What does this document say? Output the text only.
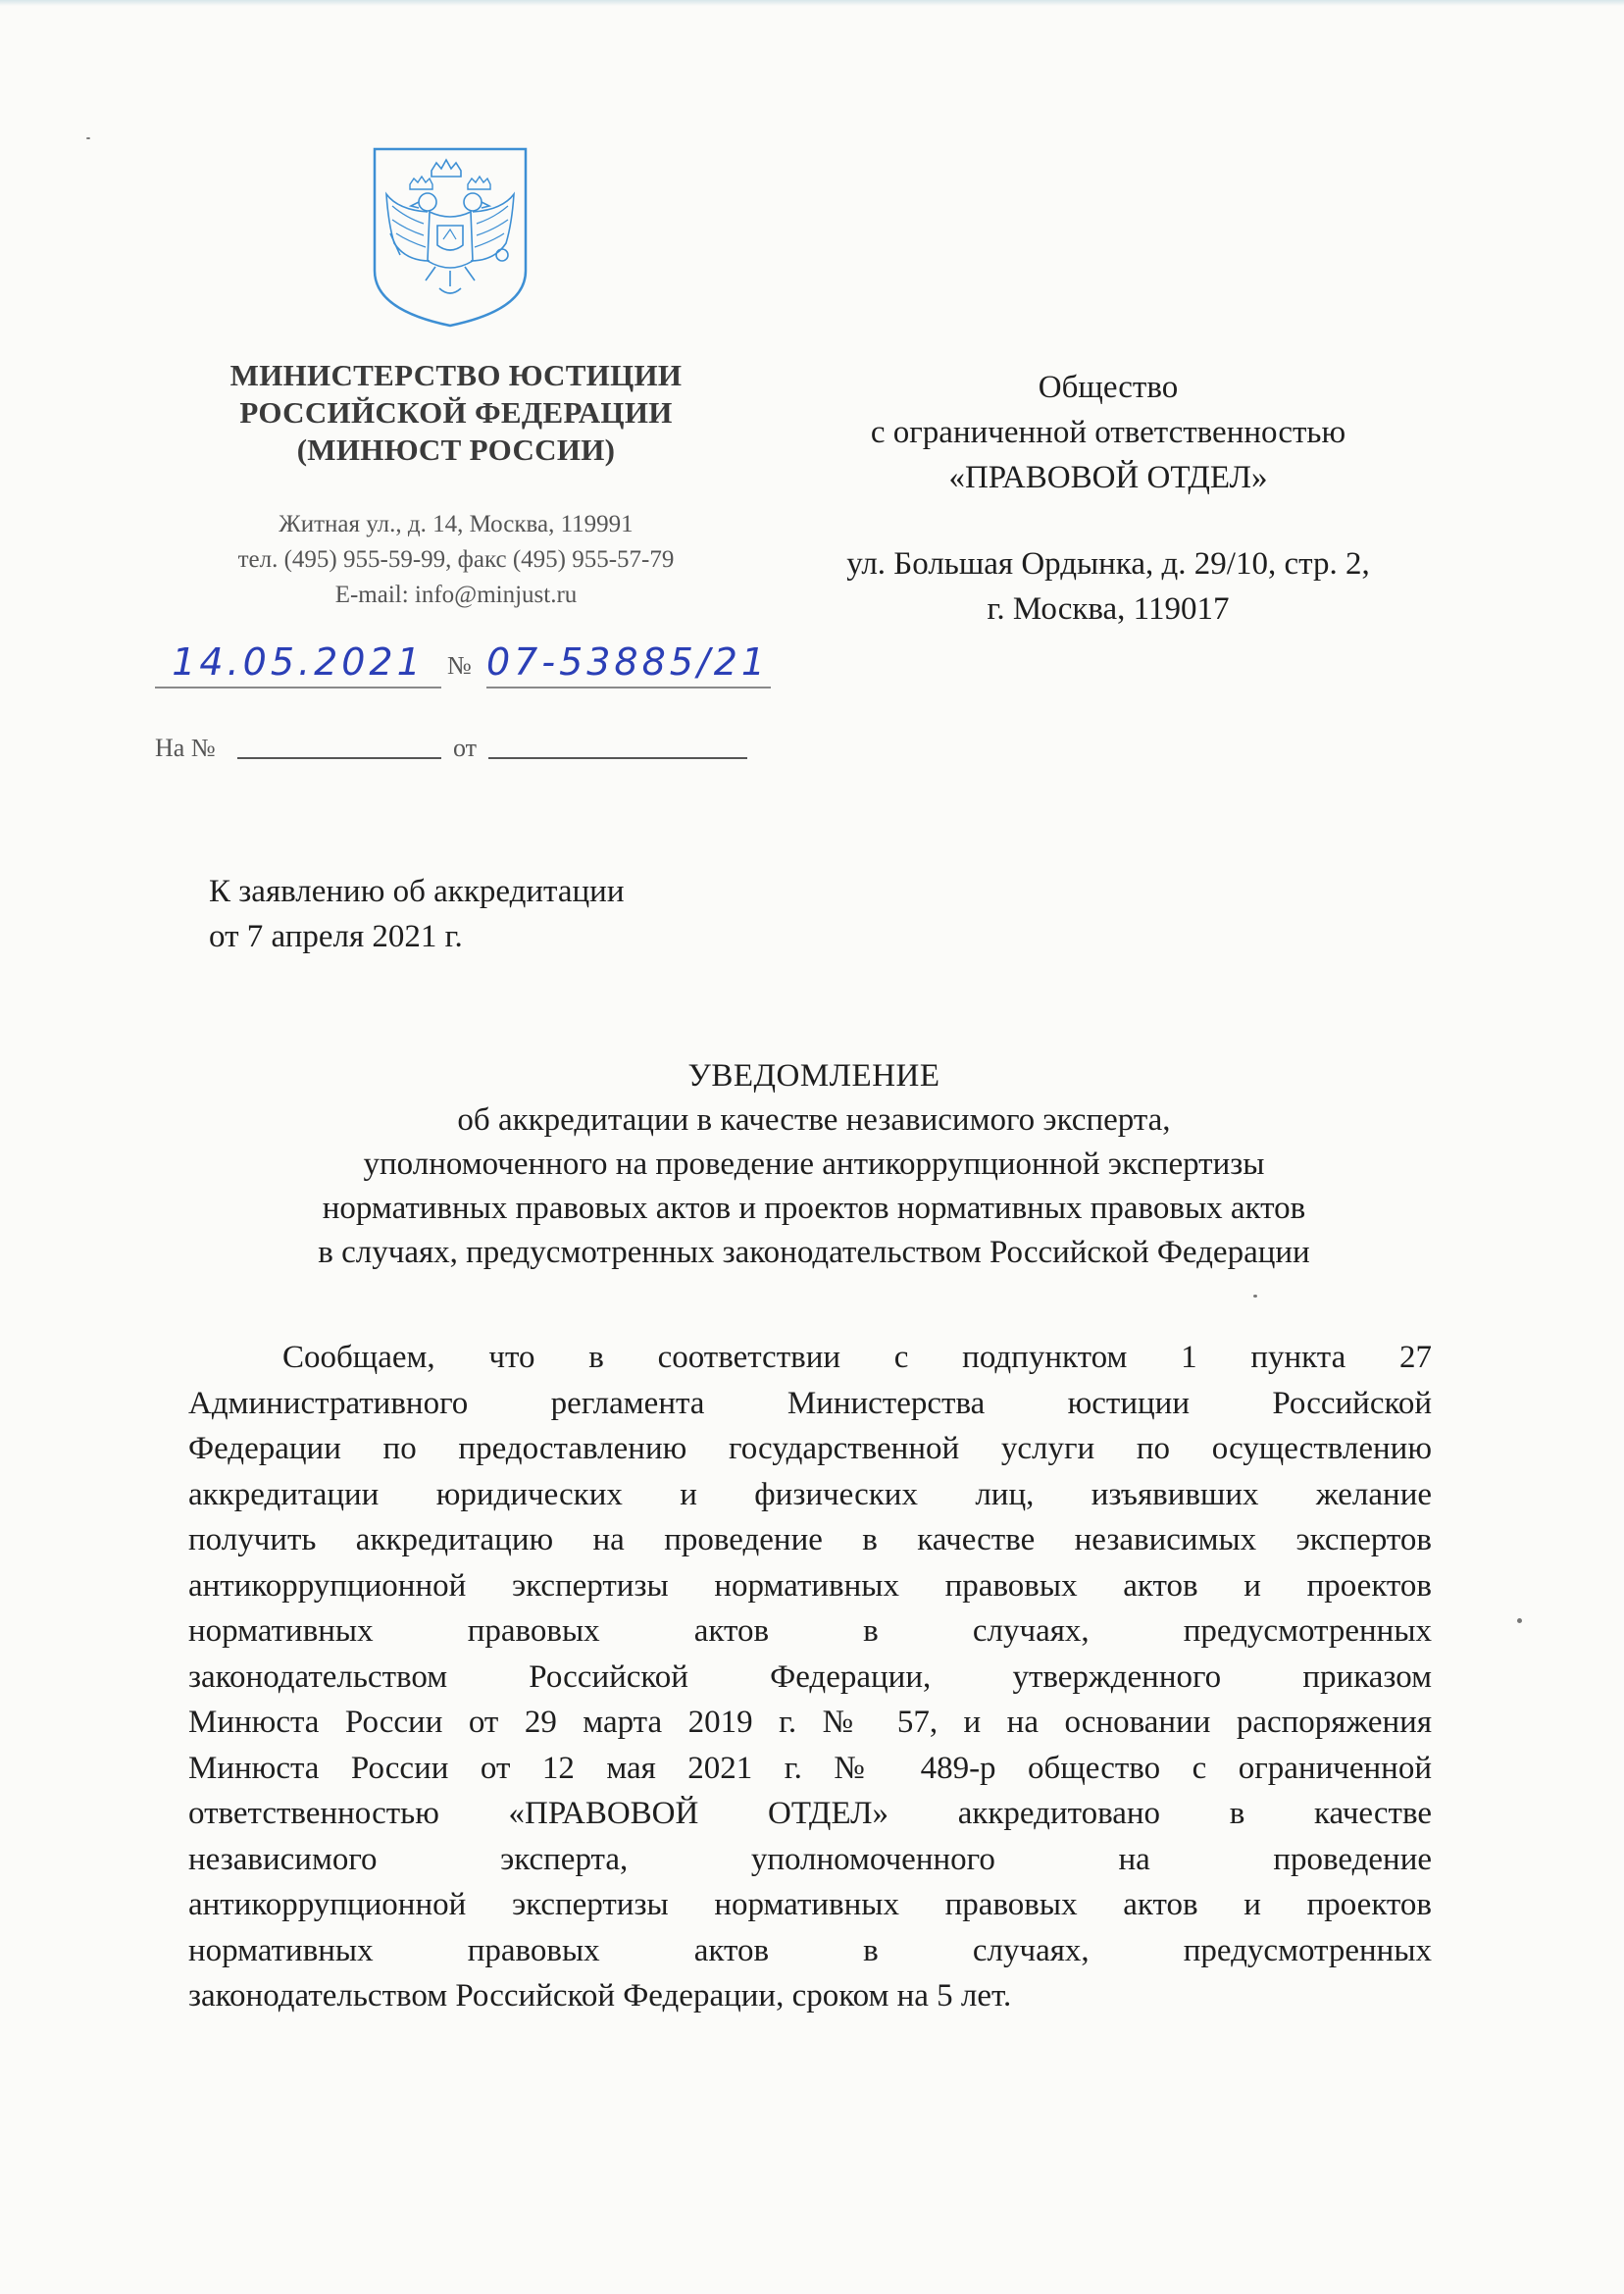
МИНИСТЕРСТВО ЮСТИЦИИ
РОССИЙСКОЙ ФЕДЕРАЦИИ
(МИНЮСТ РОССИИ)
Житная ул., д. 14, Москва, 119991
тел. (495) 955-59-99, факс (495) 955-57-79
E-mail: info@minjust.ru
Общество
с ограниченной ответственностью
«ПРАВОВОЙ ОТДЕЛ»
ул. Большая Ордынка, д. 29/10, стр. 2,
г. Москва, 119017
14.05.2021 № 07-53885/21
На №	от
К заявлению об аккредитации
от 7 апреля 2021 г.
УВЕДОМЛЕНИЕ
об аккредитации в качестве независимого эксперта,
уполномоченного на проведение антикоррупционной экспертизы
нормативных правовых актов и проектов нормативных правовых актов
в случаях, предусмотренных законодательством Российской Федерации
Сообщаем, что в соответствии с подпунктом 1 пункта 27
Административного регламента Министерства юстиции Российской
Федерации по предоставлению государственной услуги по осуществлению
аккредитации юридических и физических лиц, изъявивших желание
получить аккредитацию на проведение в качестве независимых экспертов
антикоррупционной экспертизы нормативных правовых актов и проектов
нормативных правовых актов в случаях, предусмотренных
законодательством Российской Федерации, утвержденного приказом
Минюста России от 29 марта 2019 г. № 57, и на основании распоряжения
Минюста России от 12 мая 2021 г. № 489-р общество с ограниченной
ответственностью «ПРАВОВОЙ ОТДЕЛ» аккредитовано в качестве
независимого эксперта, уполномоченного на проведение
антикоррупционной экспертизы нормативных правовых актов и проектов
нормативных правовых актов в случаях, предусмотренных
законодательством Российской Федерации, сроком на 5 лет.
